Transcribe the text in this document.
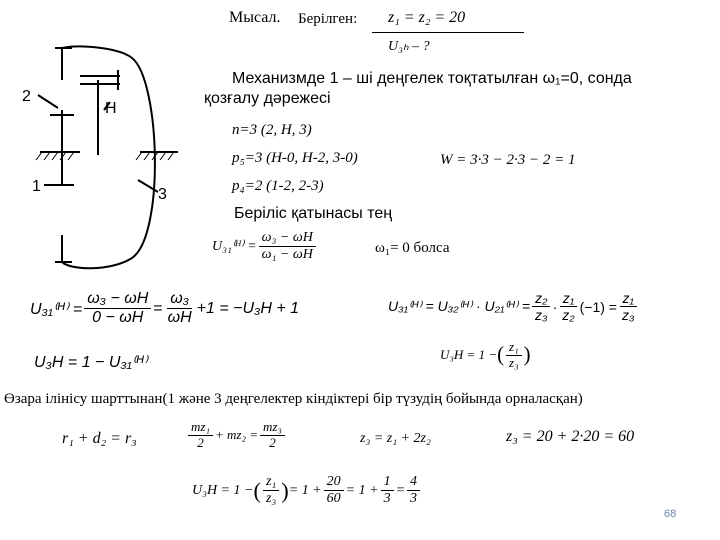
Мысал. Берілген: z₁ = z₂ = 20
U₃ₕ – ?
2
H
1	3
Механизмде 1 – ші деңгелек тоқтатылған ω₁=0, сонда
қозғалу дәрежесі
n=3 (2, H, 3)
p₅=3 (H-0, H-2, 3-0)
p₄=2 (1-2, 2-3)
W = 3·3 − 2·3 − 2 = 1
Беріліс қатынасы тең
U₃₁⁽ᴴ⁾ = $\frac{\text{ω₃ − ωH}}{\text{ω₁ − ωH}}$	ω₁= 0 болса
U₃₁⁽ᴴ⁾ = $\frac{\text{ω₃ − ωH}}{0 - \omega H} = \frac{\text{ω₃}}{\omega H} +1 = -U_3H + 1$	U₃₁⁽ᴴ⁾ = U₃₂⁽ᴴ⁾ · U₂₁⁽ᴴ⁾ = $\frac{\text{z₂}}{\text{z₃}} \cdot \frac{\text{z₁}}{\text{z₂}} (-1) = \frac{\text{z₁}}{\text{z₃}}$
U₃H = 1 − U₃₁⁽ᴴ⁾	U₃H = 1 − ( $\frac{\text{z₁}}{\text{z₃}}$ )
Өзара ілінісу шарттынан(1 және 3 деңгелектер кіндіктері бір түзудің бойында орналасқан)
r₁ + d₂ = r₃	$\frac{\text{mz₁}}{2} + mz_2 = \frac{\text{mz₃}}{2}$	z₃ = z₁ + 2z₂	z₃ = 20 + 2·20 = 60
U₃H = 1 − ( $\frac{\text{z₁}}{\text{z₃}}$ ) = $1 + \frac{20}{60} = 1 + \frac{1}{3} = \frac{4}{3}$
68
